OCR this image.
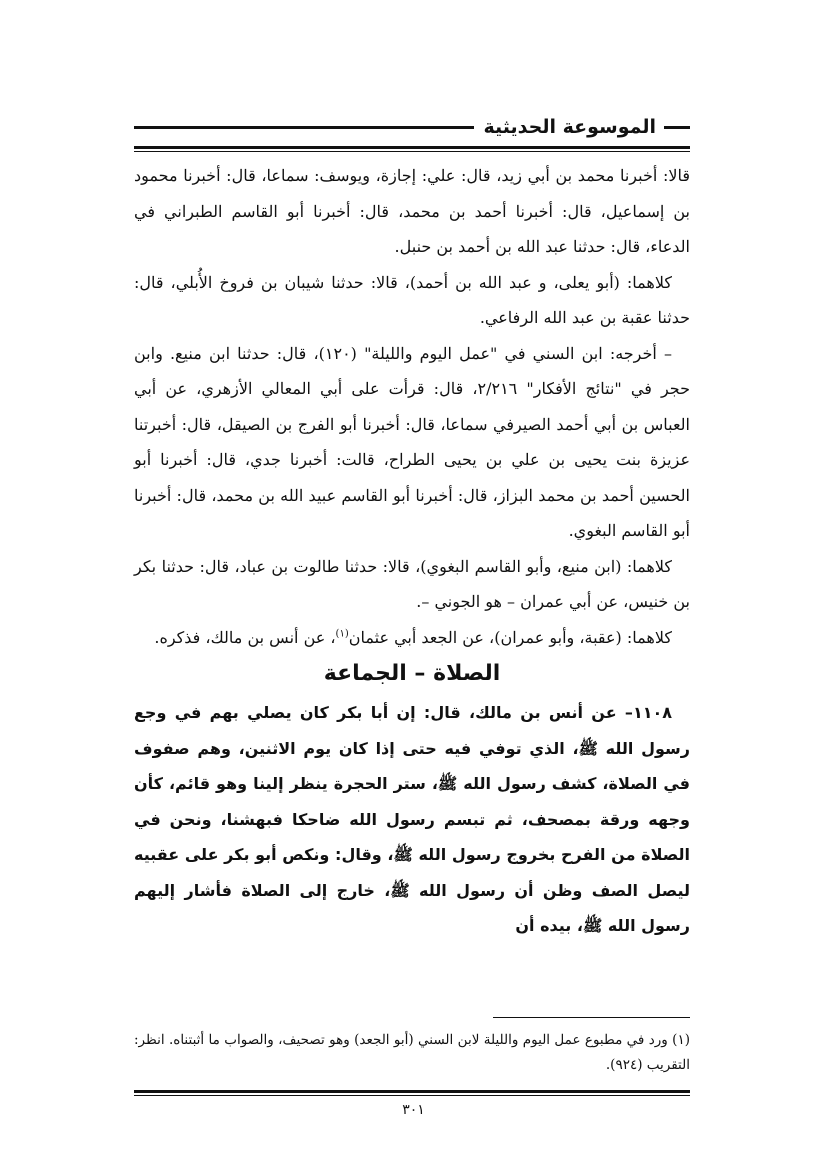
الموسوعة الحديثية

قالا: أخبرنا محمد بن أبي زيد، قال: علي: إجازة، ويوسف: سماعا، قال: أخبرنا محمود بن إسماعيل، قال: أخبرنا أحمد بن محمد، قال: أخبرنا أبو القاسم الطبراني في الدعاء، قال: حدثنا عبد الله بن أحمد بن حنبل.

كلاهما: (أبو يعلى، و عبد الله بن أحمد)، قالا: حدثنا شيبان بن فروخ الأُبلي، قال: حدثنا عقبة بن عبد الله الرفاعي.

– أخرجه: ابن السني في "عمل اليوم والليلة" (١٢٠)، قال: حدثنا ابن منيع. وابن حجر في "نتائج الأفكار" ٢/٢١٦، قال: قرأت على أبي المعالي الأزهري، عن أبي العباس بن أبي أحمد الصيرفي سماعا، قال: أخبرنا أبو الفرج بن الصيقل، قال: أخبرتنا عزيزة بنت يحيى بن علي بن يحيى الطراح، قالت: أخبرنا جدي، قال: أخبرنا أبو الحسين أحمد بن محمد البزاز، قال: أخبرنا أبو القاسم عبيد الله بن محمد، قال: أخبرنا أبو القاسم البغوي.

كلاهما: (ابن منيع، وأبو القاسم البغوي)، قالا: حدثنا طالوت بن عباد، قال: حدثنا بكر بن خنيس، عن أبي عمران – هو الجوني –.

كلاهما: (عقبة، وأبو عمران)، عن الجعد أبي عثمان$^{(١)}$، عن أنس بن مالك، فذكره.

الصلاة – الجماعة

١١٠٨– عن أنس بن مالك، قال: إن أبا بكر كان يصلي بهم في وجع رسول الله ﷺ، الذي توفي فيه حتى إذا كان يوم الاثنين، وهم صفوف في الصلاة، كشف رسول الله ﷺ، ستر الحجرة ينظر إلينا وهو قائم، كأن وجهه ورقة بمصحف، ثم تبسم رسول الله ضاحكا فبهشنا، ونحن في الصلاة من الفرح بخروج رسول الله ﷺ، وقال: ونكص أبو بكر على عقبيه ليصل الصف وظن أن رسول الله ﷺ، خارج إلى الصلاة فأشار إليهم رسول الله ﷺ، بيده أن

(١) ورد في مطبوع عمل اليوم والليلة لابن السني (أبو الجعد) وهو تصحيف، والصواب ما أثبتناه. انظر: التقريب (٩٢٤).

٣٠١
